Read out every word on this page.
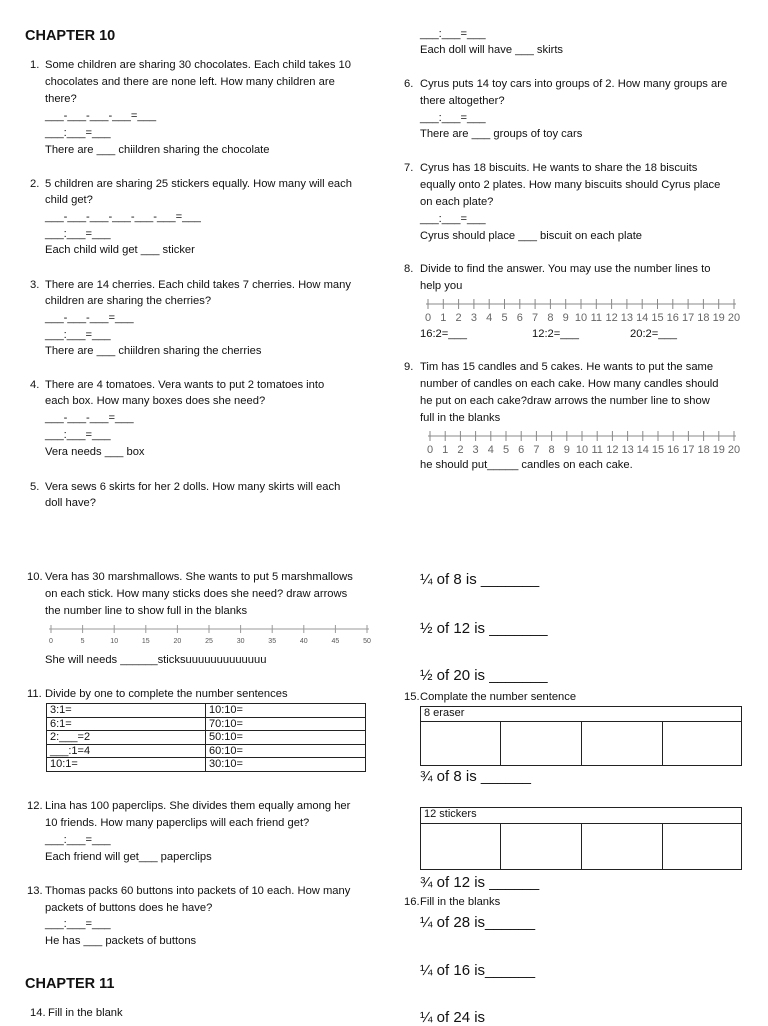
CHAPTER 10
1. Some children are sharing 30 chocolates. Each child takes 10
chocolates and there are none left. How many children are
there?
___-___-___-___=___
___:___=___
There are ___ chiildren sharing the chocolate
2. 5 children are sharing 25 stickers equally. How many will each
child get?
___-___-___-___-___-___=___
___:___=___
Each child wild get ___ sticker
3. There are 14 cherries. Each child takes 7 cherries. How many
children are sharing the cherries?
___-___-___=___
___:___=___
There are ___ chiildren sharing the cherries
4. There are 4 tomatoes. Vera wants to put 2 tomatoes into
each box. How many boxes does she need?
___-___-___=___
___:___=___
Vera needs ___ box
5. Vera sews 6 skirts for her 2 dolls. How many skirts will each
doll have?
10. Vera has 30 marshmallows. She wants to put 5 marshmallows
on each stick. How many sticks does she need? draw arrows
the number line to show full in the blanks
0	5	10	15	20	25	30	35	40	45	50
She will needs ______sticksuuuuuuuuuuuuu
11. Divide by one to complete the number sentences
3:1=	10:10=
6:1=	70:10=
2:___=2	50:10=
___:1=4	60:10=
10:1=	30:10=
12. Lina has 100 paperclips. She divides them equally among her
10 friends. How many paperclips will each friend get?
___:___=___
Each friend will get___ paperclips
13. Thomas packs 60 buttons into packets of 10 each. How many
packets of buttons does he have?
___:___=___
He has ___ packets of buttons
CHAPTER 11
14. Fill in the blank
___:___=___
Each doll will have ___ skirts
6. Cyrus puts 14 toy cars into groups of 2. How many groups are
there altogether?
___:___=___
There are ___ groups of toy cars
7. Cyrus has 18 biscuits. He wants to share the 18 biscuits
equally onto 2 plates. How many biscuits should Cyrus place
on each plate?
___:___=___
Cyrus should place ___ biscuit on each plate
8. Divide to find the answer. You may use the number lines to
help you
0 1 2 3 4 5 6 7 8 9 10 11 12 13 14 15 16 17 18 19 20
16:2=___	12:2=___	20:2=___
9. Tim has 15 candles and 5 cakes. He wants to put the same
number of candles on each cake. How many candles should
he put on each cake?draw arrows the number line to show
full in the blanks
0 1 2 3 4 5 6 7 8 9 10 11 12 13 14 15 16 17 18 19 20
he should put_____ candles on each cake.
¼ of 8 is _______
½ of 12 is _______
½ of 20 is _______
15. Complate the number sentence
8 eraser
¾ of 8 is ______
12 stickers
¾ of 12 is ______
16. Fill in the blanks
¼ of 28 is______
¼ of 16 is______
¼ of 24 is
